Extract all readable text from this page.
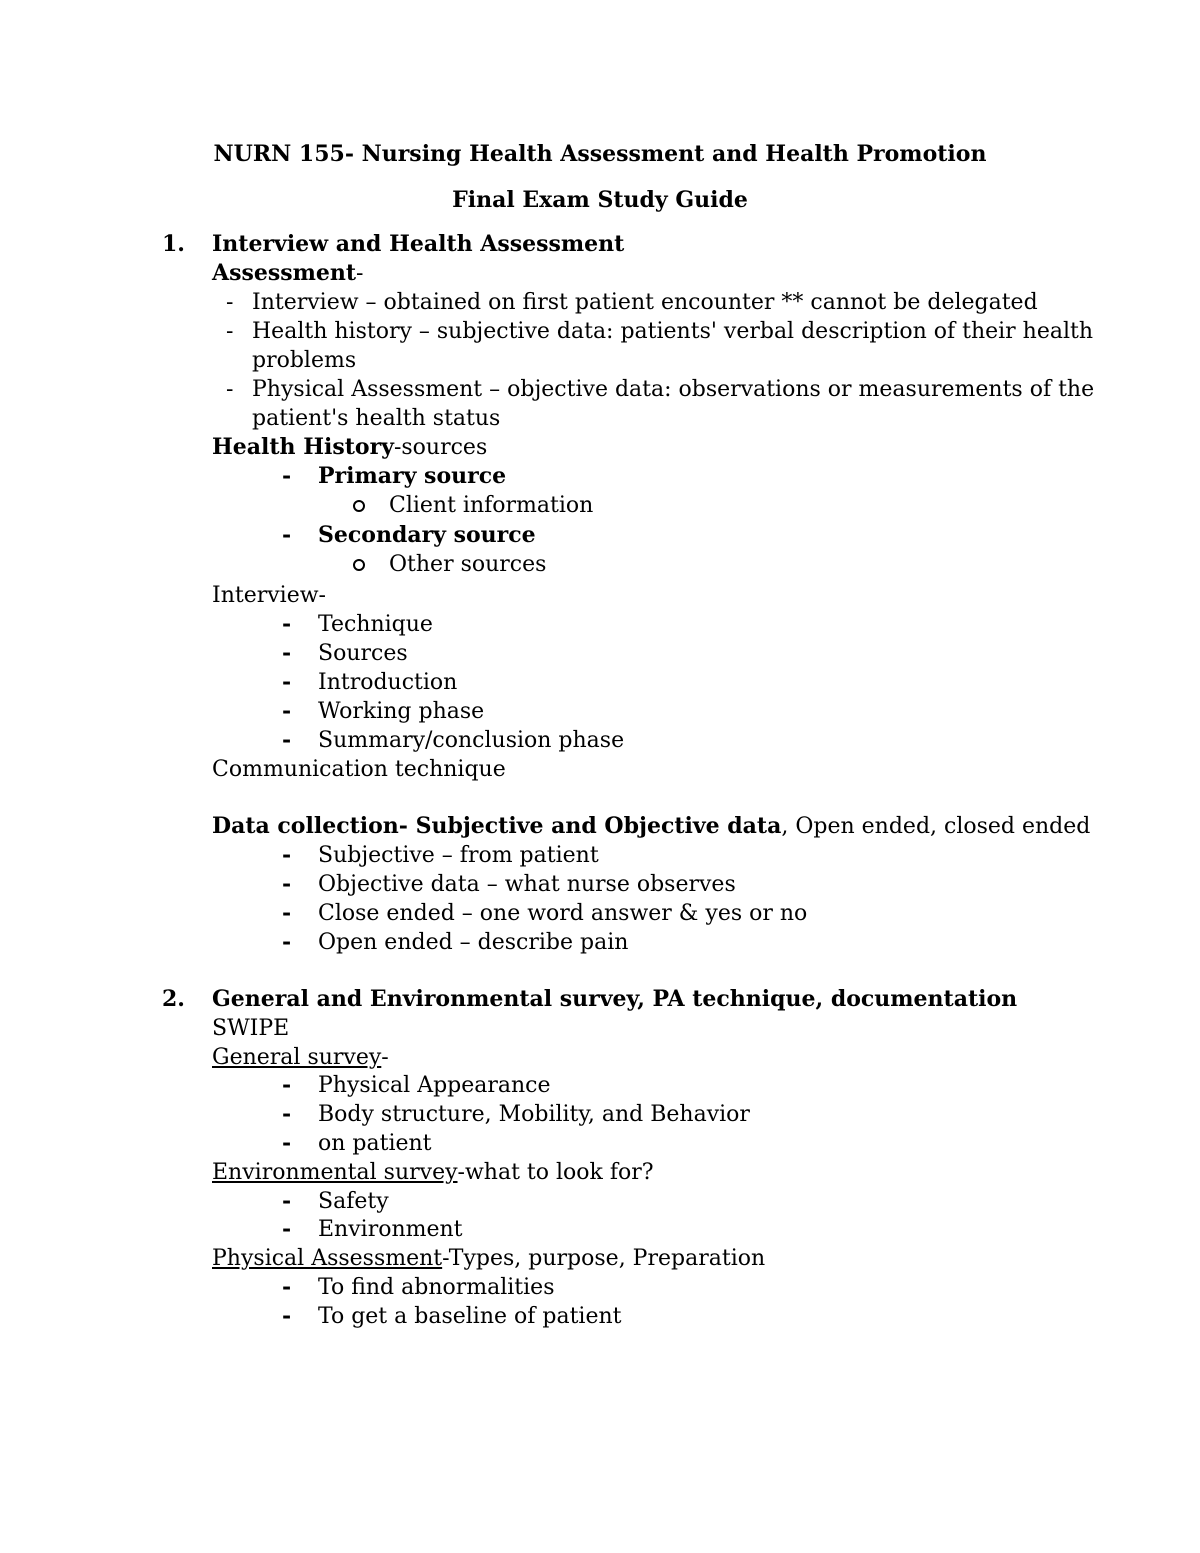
NURN 155- Nursing Health Assessment and Health Promotion
Final Exam Study Guide
1. Interview and Health Assessment
Assessment-
- Interview – obtained on first patient encounter ** cannot be delegated
- Health history – subjective data: patients' verbal description of their health
problems
- Physical Assessment – objective data: observations or measurements of the
patient's health status
Health History-sources
- Primary source
Client information
- Secondary source
Other sources
Interview-
- Technique
- Sources
- Introduction
- Working phase
- Summary/conclusion phase
Communication technique
Data collection- Subjective and Objective data, Open ended, closed ended
- Subjective – from patient
- Objective data – what nurse observes
- Close ended – one word answer & yes or no
- Open ended – describe pain
2. General and Environmental survey, PA technique, documentation
SWIPE
General survey-
- Physical Appearance
- Body structure, Mobility, and Behavior
- on patient
Environmental survey-what to look for?
- Safety
- Environment
Physical Assessment-Types, purpose, Preparation
- To find abnormalities
- To get a baseline of patient
